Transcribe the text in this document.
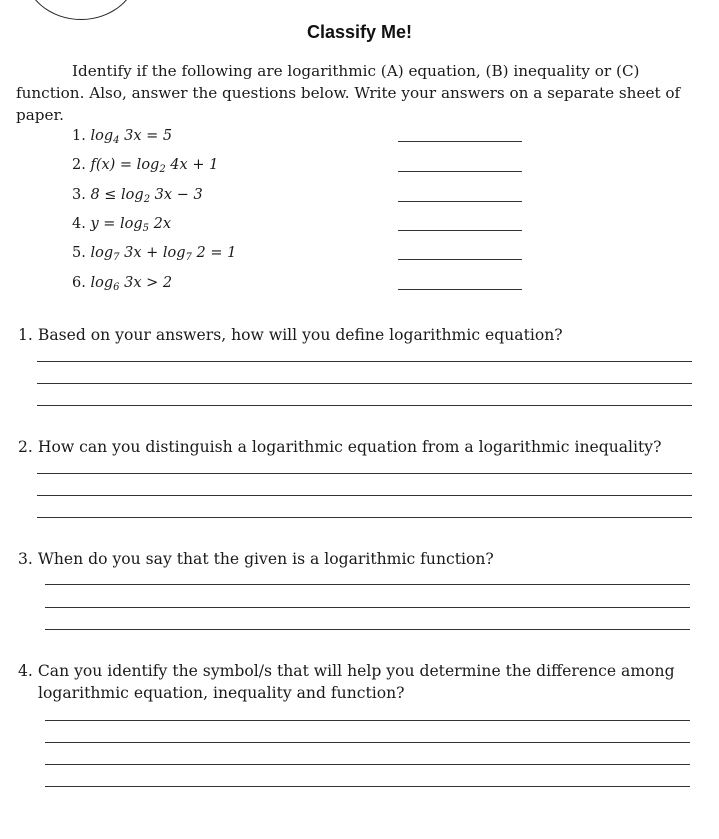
Classify Me!
Identify if the following are logarithmic (A) equation, (B) inequality or (C) function. Also, answer the questions below. Write your answers on a separate sheet of paper.
1. $\log_4 3x = 5$
2. $f(x) = \log_2 4x + 1$
3. $8 \le \log_2 3x - 3$
4. $y = \log_5 2x$
5. $\log_7 3x + \log_7 2 = 1$
6. $\log_6 3x > 2$
1. Based on your answers, how will you define logarithmic equation?
2. How can you distinguish a logarithmic equation from a logarithmic inequality?
3. When do you say that the given is a logarithmic function?
4. Can you identify the symbol/s that will help you determine the difference among
logarithmic equation, inequality and function?
